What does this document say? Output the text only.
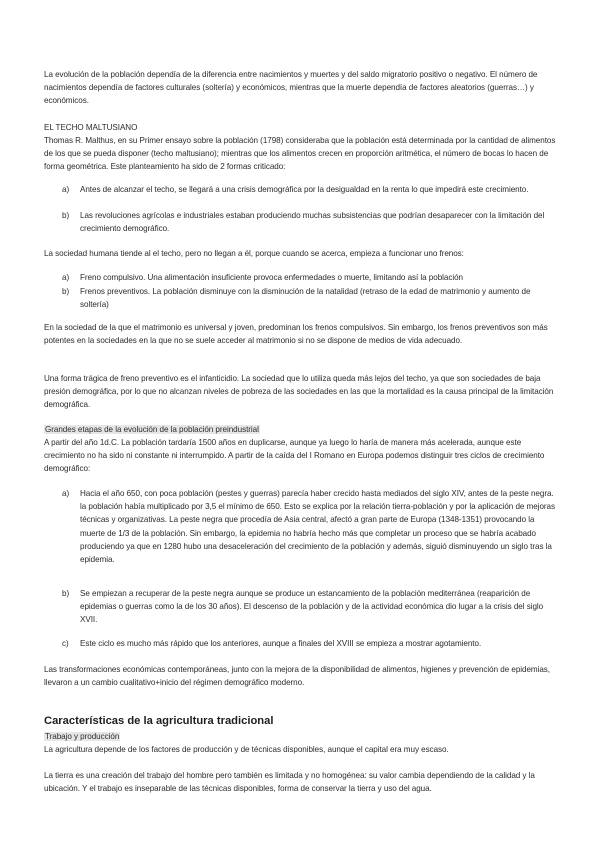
La evolución de la población dependía de la diferencia entre nacimientos y muertes y del saldo migratorio positivo o negativo. El número de nacimientos dependía de factores culturales (soltería) y económicos, mientras que la muerte dependía de factores aleatorios (guerras…) y económicos.

EL TECHO MALTUSIANO

Thomas R. Malthus, en su Primer ensayo sobre la población (1798) consideraba que la población está determinada por la cantidad de alimentos de los que se pueda disponer (techo maltusiano); mientras que los alimentos crecen en proporción aritmética, el número de bocas lo hacen de forma geométrica. Este planteamiento ha sido de 2 formas criticado:

a) Antes de alcanzar el techo, se llegará a una crisis demográfica por la desigualdad en la renta lo que impedirá este crecimiento.

b) Las revoluciones agrícolas e industriales estaban produciendo muchas subsistencias que podrían desaparecer con la limitación del crecimiento demográfico.

La sociedad humana tiende al el techo, pero no llegan a él, porque cuando se acerca, empieza a funcionar uno frenos:

a) Freno compulsivo. Una alimentación insuficiente provoca enfermedades o muerte, limitando así la población

b) Frenos preventivos. La población disminuye con la disminución de la natalidad (retraso de la edad de matrimonio y aumento de soltería)

En la sociedad de la que el matrimonio es universal y joven, predominan los frenos compulsivos. Sin embargo, los frenos preventivos son más potentes en la sociedades en la que no se suele acceder al matrimonio si no se dispone de medios de vida adecuado.

Una forma trágica de freno preventivo es el infanticidio. La sociedad que lo utiliza queda más lejos del techo, ya que son sociedades de baja presión demográfica, por lo que no alcanzan niveles de pobreza de las sociedades en las que la mortalidad es la causa principal de la limitación demográfica.

Grandes etapas de la evolución de la población preindustrial

A partir del año 1d.C. La población tardaría 1500 años en duplicarse, aunque ya luego lo haría de manera más acelerada, aunque este crecimiento no ha sido ni constante ni interrumpido. A partir de la caída del I Romano en Europa podemos distinguir tres ciclos de crecimiento demográfico:

a) Hacia el año 650, con poca población (pestes y guerras) parecía haber crecido hasta mediados del siglo XIV, antes de la peste negra. la población había multiplicado por 3,5 el mínimo de 650. Esto se explica por la relación tierra-población y por la aplicación de mejoras técnicas y organizativas. La peste negra que procedía de Asia central, afectó a gran parte de Europa (1348-1351) provocando la muerte de 1/3 de la población. Sin embargo, la epidemia no habría hecho más que completar un proceso que se habría acabado produciendo ya que en 1280 hubo una desaceleración del crecimiento de la población y además, siguió disminuyendo un siglo tras la epidemia.

b) Se empiezan a recuperar de la peste negra aunque se produce un estancamiento de la población mediterránea (reaparición de epidemias o guerras como la de los 30 años). El descenso de la población y de la actividad económica dio lugar a la crisis del siglo XVII.

c) Este ciclo es mucho más rápido que los anteriores, aunque a finales del XVIII se empieza a mostrar agotamiento.

Las transformaciones económicas contemporáneas, junto con la mejora de la disponibilidad de alimentos, higienes y prevención de epidemias, llevaron a un cambio cualitativo+inicio del régimen demográfico moderno.

Características de la agricultura tradicional

Trabajo y producción

La agricultura depende de los factores de producción y de técnicas disponibles, aunque el capital era muy escaso.

La tierra es una creación del trabajo del hombre pero también es limitada y no homogénea: su valor cambia dependiendo de la calidad y la ubicación. Y el trabajo es inseparable de las técnicas disponibles, forma de conservar la tierra y uso del agua.
